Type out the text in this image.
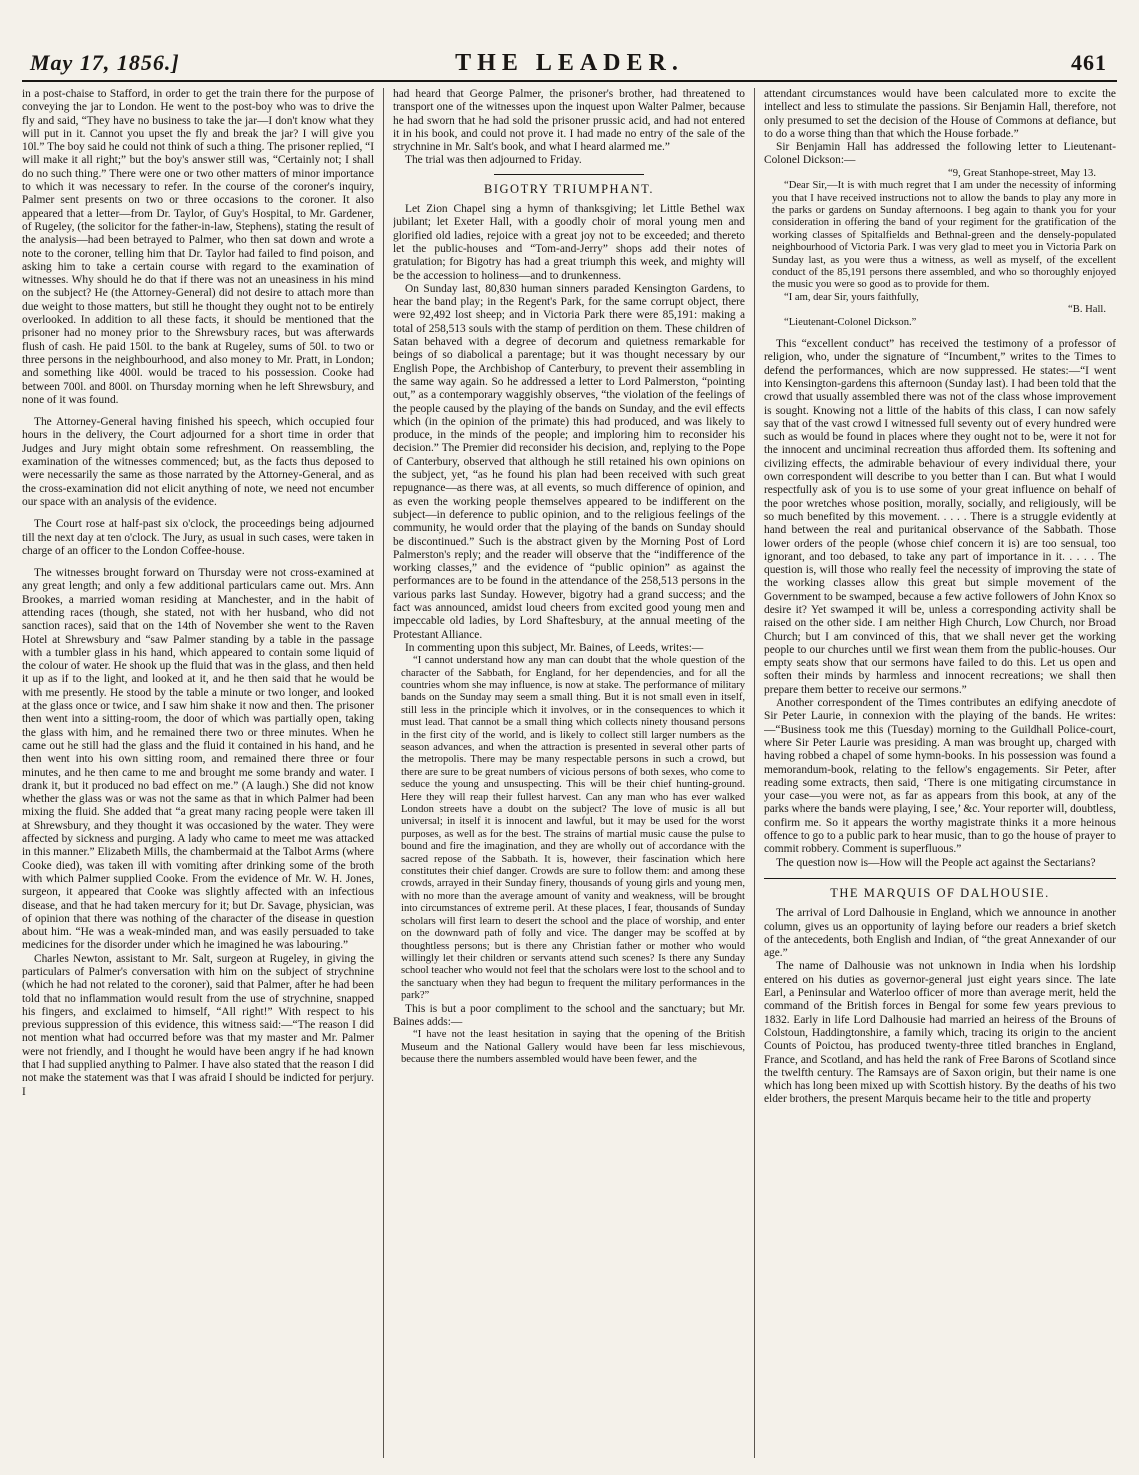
May 17, 1856.]	THE LEADER.	461

in a post-chaise to Stafford, in order to get the train there for the purpose of conveying the jar to London. He went to the post-boy who was to drive the fly and said, “They have no business to take the jar—I don't know what they will put in it. Cannot you upset the fly and break the jar? I will give you 10l.” The boy said he could not think of such a thing. The prisoner replied, “I will make it all right;” but the boy's answer still was, “Certainly not; I shall do no such thing.” There were one or two other matters of minor importance to which it was necessary to refer. In the course of the coroner's inquiry, Palmer sent presents on two or three occasions to the coroner. It also appeared that a letter—from Dr. Taylor, of Guy's Hospital, to Mr. Gardener, of Rugeley, (the solicitor for the father-in-law, Stephens), stating the result of the analysis—had been betrayed to Palmer, who then sat down and wrote a note to the coroner, telling him that Dr. Taylor had failed to find poison, and asking him to take a certain course with regard to the examination of witnesses. Why should he do that if there was not an uneasiness in his mind on the subject? He (the Attorney-General) did not desire to attach more than due weight to those matters, but still he thought they ought not to be entirely overlooked. In addition to all these facts, it should be mentioned that the prisoner had no money prior to the Shrewsbury races, but was afterwards flush of cash. He paid 150l. to the bank at Rugeley, sums of 50l. to two or three persons in the neighbourhood, and also money to Mr. Pratt, in London; and something like 400l. would be traced to his possession. Cooke had between 700l. and 800l. on Thursday morning when he left Shrewsbury, and none of it was found.

The Attorney-General having finished his speech, which occupied four hours in the delivery, the Court adjourned for a short time in order that Judges and Jury might obtain some refreshment. On reassembling, the examination of the witnesses commenced; but, as the facts thus deposed to were necessarily the same as those narrated by the Attorney-General, and as the cross-examination did not elicit anything of note, we need not encumber our space with an analysis of the evidence.

The Court rose at half-past six o'clock, the proceedings being adjourned till the next day at ten o'clock. The Jury, as usual in such cases, were taken in charge of an officer to the London Coffee-house.

The witnesses brought forward on Thursday were not cross-examined at any great length; and only a few additional particulars came out. Mrs. Ann Brookes, a married woman residing at Manchester, and in the habit of attending races (though, she stated, not with her husband, who did not sanction races), said that on the 14th of November she went to the Raven Hotel at Shrewsbury and “saw Palmer standing by a table in the passage with a tumbler glass in his hand, which appeared to contain some liquid of the colour of water. He shook up the fluid that was in the glass, and then held it up as if to the light, and looked at it, and he then said that he would be with me presently. He stood by the table a minute or two longer, and looked at the glass once or twice, and I saw him shake it now and then. The prisoner then went into a sitting-room, the door of which was partially open, taking the glass with him, and he remained there two or three minutes. When he came out he still had the glass and the fluid it contained in his hand, and he then went into his own sitting room, and remained there three or four minutes, and he then came to me and brought me some brandy and water. I drank it, but it produced no bad effect on me.” (A laugh.) She did not know whether the glass was or was not the same as that in which Palmer had been mixing the fluid. She added that “a great many racing people were taken ill at Shrewsbury, and they thought it was occasioned by the water. They were affected by sickness and purging. A lady who came to meet me was attacked in this manner.” Elizabeth Mills, the chambermaid at the Talbot Arms (where Cooke died), was taken ill with vomiting after drinking some of the broth with which Palmer supplied Cooke. From the evidence of Mr. W. H. Jones, surgeon, it appeared that Cooke was slightly affected with an infectious disease, and that he had taken mercury for it; but Dr. Savage, physician, was of opinion that there was nothing of the character of the disease in question about him. “He was a weak-minded man, and was easily persuaded to take medicines for the disorder under which he imagined he was labouring.”

Charles Newton, assistant to Mr. Salt, surgeon at Rugeley, in giving the particulars of Palmer's conversation with him on the subject of strychnine (which he had not related to the coroner), said that Palmer, after he had been told that no inflammation would result from the use of strychnine, snapped his fingers, and exclaimed to himself, “All right!” With respect to his previous suppression of this evidence, this witness said:—“The reason I did not mention what had occurred before was that my master and Mr. Palmer were not friendly, and I thought he would have been angry if he had known that I had supplied anything to Palmer. I have also stated that the reason I did not make the statement was that I was afraid I should be indicted for perjury. I

had heard that George Palmer, the prisoner's brother, had threatened to transport one of the witnesses upon the inquest upon Walter Palmer, because he had sworn that he had sold the prisoner prussic acid, and had not entered it in his book, and could not prove it. I had made no entry of the sale of the strychnine in Mr. Salt's book, and what I heard alarmed me.”

The trial was then adjourned to Friday.

BIGOTRY TRIUMPHANT.

Let Zion Chapel sing a hymn of thanksgiving; let Little Bethel wax jubilant; let Exeter Hall, with a goodly choir of moral young men and glorified old ladies, rejoice with a great joy not to be exceeded; and thereto let the public-houses and “Tom-and-Jerry” shops add their notes of gratulation; for Bigotry has had a great triumph this week, and mighty will be the accession to holiness—and to drunkenness.

On Sunday last, 80,830 human sinners paraded Kensington Gardens, to hear the band play; in the Regent's Park, for the same corrupt object, there were 92,492 lost sheep; and in Victoria Park there were 85,191: making a total of 258,513 souls with the stamp of perdition on them. These children of Satan behaved with a degree of decorum and quietness remarkable for beings of so diabolical a parentage; but it was thought necessary by our English Pope, the Archbishop of Canterbury, to prevent their assembling in the same way again. So he addressed a letter to Lord Palmerston, “pointing out,” as a contemporary waggishly observes, “the violation of the feelings of the people caused by the playing of the bands on Sunday, and the evil effects which (in the opinion of the primate) this had produced, and was likely to produce, in the minds of the people; and imploring him to reconsider his decision.” The Premier did reconsider his decision, and, replying to the Pope of Canterbury, observed that although he still retained his own opinions on the subject, yet, “as he found his plan had been received with such great repugnance—as there was, at all events, so much difference of opinion, and as even the working people themselves appeared to be indifferent on the subject—in deference to public opinion, and to the religious feelings of the community, he would order that the playing of the bands on Sunday should be discontinued.” Such is the abstract given by the Morning Post of Lord Palmerston's reply; and the reader will observe that the “indifference of the working classes,” and the evidence of “public opinion” as against the performances are to be found in the attendance of the 258,513 persons in the various parks last Sunday. However, bigotry had a grand success; and the fact was announced, amidst loud cheers from excited good young men and impeccable old ladies, by Lord Shaftesbury, at the annual meeting of the Protestant Alliance.

In commenting upon this subject, Mr. Baines, of Leeds, writes:—

“I cannot understand how any man can doubt that the whole question of the character of the Sabbath, for England, for her dependencies, and for all the countries whom she may influence, is now at stake. The performance of military bands on the Sunday may seem a small thing. But it is not small even in itself, still less in the principle which it involves, or in the consequences to which it must lead. That cannot be a small thing which collects ninety thousand persons in the first city of the world, and is likely to collect still larger numbers as the season advances, and when the attraction is presented in several other parts of the metropolis. There may be many respectable persons in such a crowd, but there are sure to be great numbers of vicious persons of both sexes, who come to seduce the young and unsuspecting. This will be their chief hunting-ground. Here they will reap their fullest harvest. Can any man who has ever walked London streets have a doubt on the subject? The love of music is all but universal; in itself it is innocent and lawful, but it may be used for the worst purposes, as well as for the best. The strains of martial music cause the pulse to bound and fire the imagination, and they are wholly out of accordance with the sacred repose of the Sabbath. It is, however, their fascination which here constitutes their chief danger. Crowds are sure to follow them: and among these crowds, arrayed in their Sunday finery, thousands of young girls and young men, with no more than the average amount of vanity and weakness, will be brought into circumstances of extreme peril. At these places, I fear, thousands of Sunday scholars will first learn to desert the school and the place of worship, and enter on the downward path of folly and vice. The danger may be scoffed at by thoughtless persons; but is there any Christian father or mother who would willingly let their children or servants attend such scenes? Is there any Sunday school teacher who would not feel that the scholars were lost to the school and to the sanctuary when they had begun to frequent the military performances in the park?”

This is but a poor compliment to the school and the sanctuary; but Mr. Baines adds:—

“I have not the least hesitation in saying that the opening of the British Museum and the National Gallery would have been far less mischievous, because there the numbers assembled would have been fewer, and the

attendant circumstances would have been calculated more to excite the intellect and less to stimulate the passions. Sir Benjamin Hall, therefore, not only presumed to set the decision of the House of Commons at defiance, but to do a worse thing than that which the House forbade.”

Sir Benjamin Hall has addressed the following letter to Lieutenant-Colonel Dickson:—

“9, Great Stanhope-street, May 13.

“Dear Sir,—It is with much regret that I am under the necessity of informing you that I have received instructions not to allow the bands to play any more in the parks or gardens on Sunday afternoons. I beg again to thank you for your consideration in offering the band of your regiment for the gratification of the working classes of Spitalfields and Bethnal-green and the densely-populated neighbourhood of Victoria Park. I was very glad to meet you in Victoria Park on Sunday last, as you were thus a witness, as well as myself, of the excellent conduct of the 85,191 persons there assembled, and who so thoroughly enjoyed the music you were so good as to provide for them.

“I am, dear Sir, yours faithfully,

“B. Hall.

“Lieutenant-Colonel Dickson.”

This “excellent conduct” has received the testimony of a professor of religion, who, under the signature of “Incumbent,” writes to the Times to defend the performances, which are now suppressed. He states:—“I went into Kensington-gardens this afternoon (Sunday last). I had been told that the crowd that usually assembled there was not of the class whose improvement is sought. Knowing not a little of the habits of this class, I can now safely say that of the vast crowd I witnessed full seventy out of every hundred were such as would be found in places where they ought not to be, were it not for the innocent and unciminal recreation thus afforded them. Its softening and civilizing effects, the admirable behaviour of every individual there, your own correspondent will describe to you better than I can. But what I would respectfully ask of you is to use some of your great influence on behalf of the poor wretches whose position, morally, socially, and religiously, will be so much benefited by this movement. . . . . There is a struggle evidently at hand between the real and puritanical observance of the Sabbath. Those lower orders of the people (whose chief concern it is) are too sensual, too ignorant, and too debased, to take any part of importance in it. . . . . The question is, will those who really feel the necessity of improving the state of the working classes allow this great but simple movement of the Government to be swamped, because a few active followers of John Knox so desire it? Yet swamped it will be, unless a corresponding activity shall be raised on the other side. I am neither High Church, Low Church, nor Broad Church; but I am convinced of this, that we shall never get the working people to our churches until we first wean them from the public-houses. Our empty seats show that our sermons have failed to do this. Let us open and soften their minds by harmless and innocent recreations; we shall then prepare them better to receive our sermons.”

Another correspondent of the Times contributes an edifying anecdote of Sir Peter Laurie, in connexion with the playing of the bands. He writes:—“Business took me this (Tuesday) morning to the Guildhall Police-court, where Sir Peter Laurie was presiding. A man was brought up, charged with having robbed a chapel of some hymn-books. In his possession was found a memorandum-book, relating to the fellow's engagements. Sir Peter, after reading some extracts, then said, ‘There is one mitigating circumstance in your case—you were not, as far as appears from this book, at any of the parks where the bands were playing, I see,’ &c. Your reporter will, doubtless, confirm me. So it appears the worthy magistrate thinks it a more heinous offence to go to a public park to hear music, than to go the house of prayer to commit robbery. Comment is superfluous.”

The question now is—How will the People act against the Sectarians?

THE MARQUIS OF DALHOUSIE.

The arrival of Lord Dalhousie in England, which we announce in another column, gives us an opportunity of laying before our readers a brief sketch of the antecedents, both English and Indian, of “the great Annexander of our age.”

The name of Dalhousie was not unknown in India when his lordship entered on his duties as governor-general just eight years since. The late Earl, a Peninsular and Waterloo officer of more than average merit, held the command of the British forces in Bengal for some few years previous to 1832. Early in life Lord Dalhousie had married an heiress of the Brouns of Colstoun, Haddingtonshire, a family which, tracing its origin to the ancient Counts of Poictou, has produced twenty-three titled branches in England, France, and Scotland, and has held the rank of Free Barons of Scotland since the twelfth century. The Ramsays are of Saxon origin, but their name is one which has long been mixed up with Scottish history. By the deaths of his two elder brothers, the present Marquis became heir to the title and property
